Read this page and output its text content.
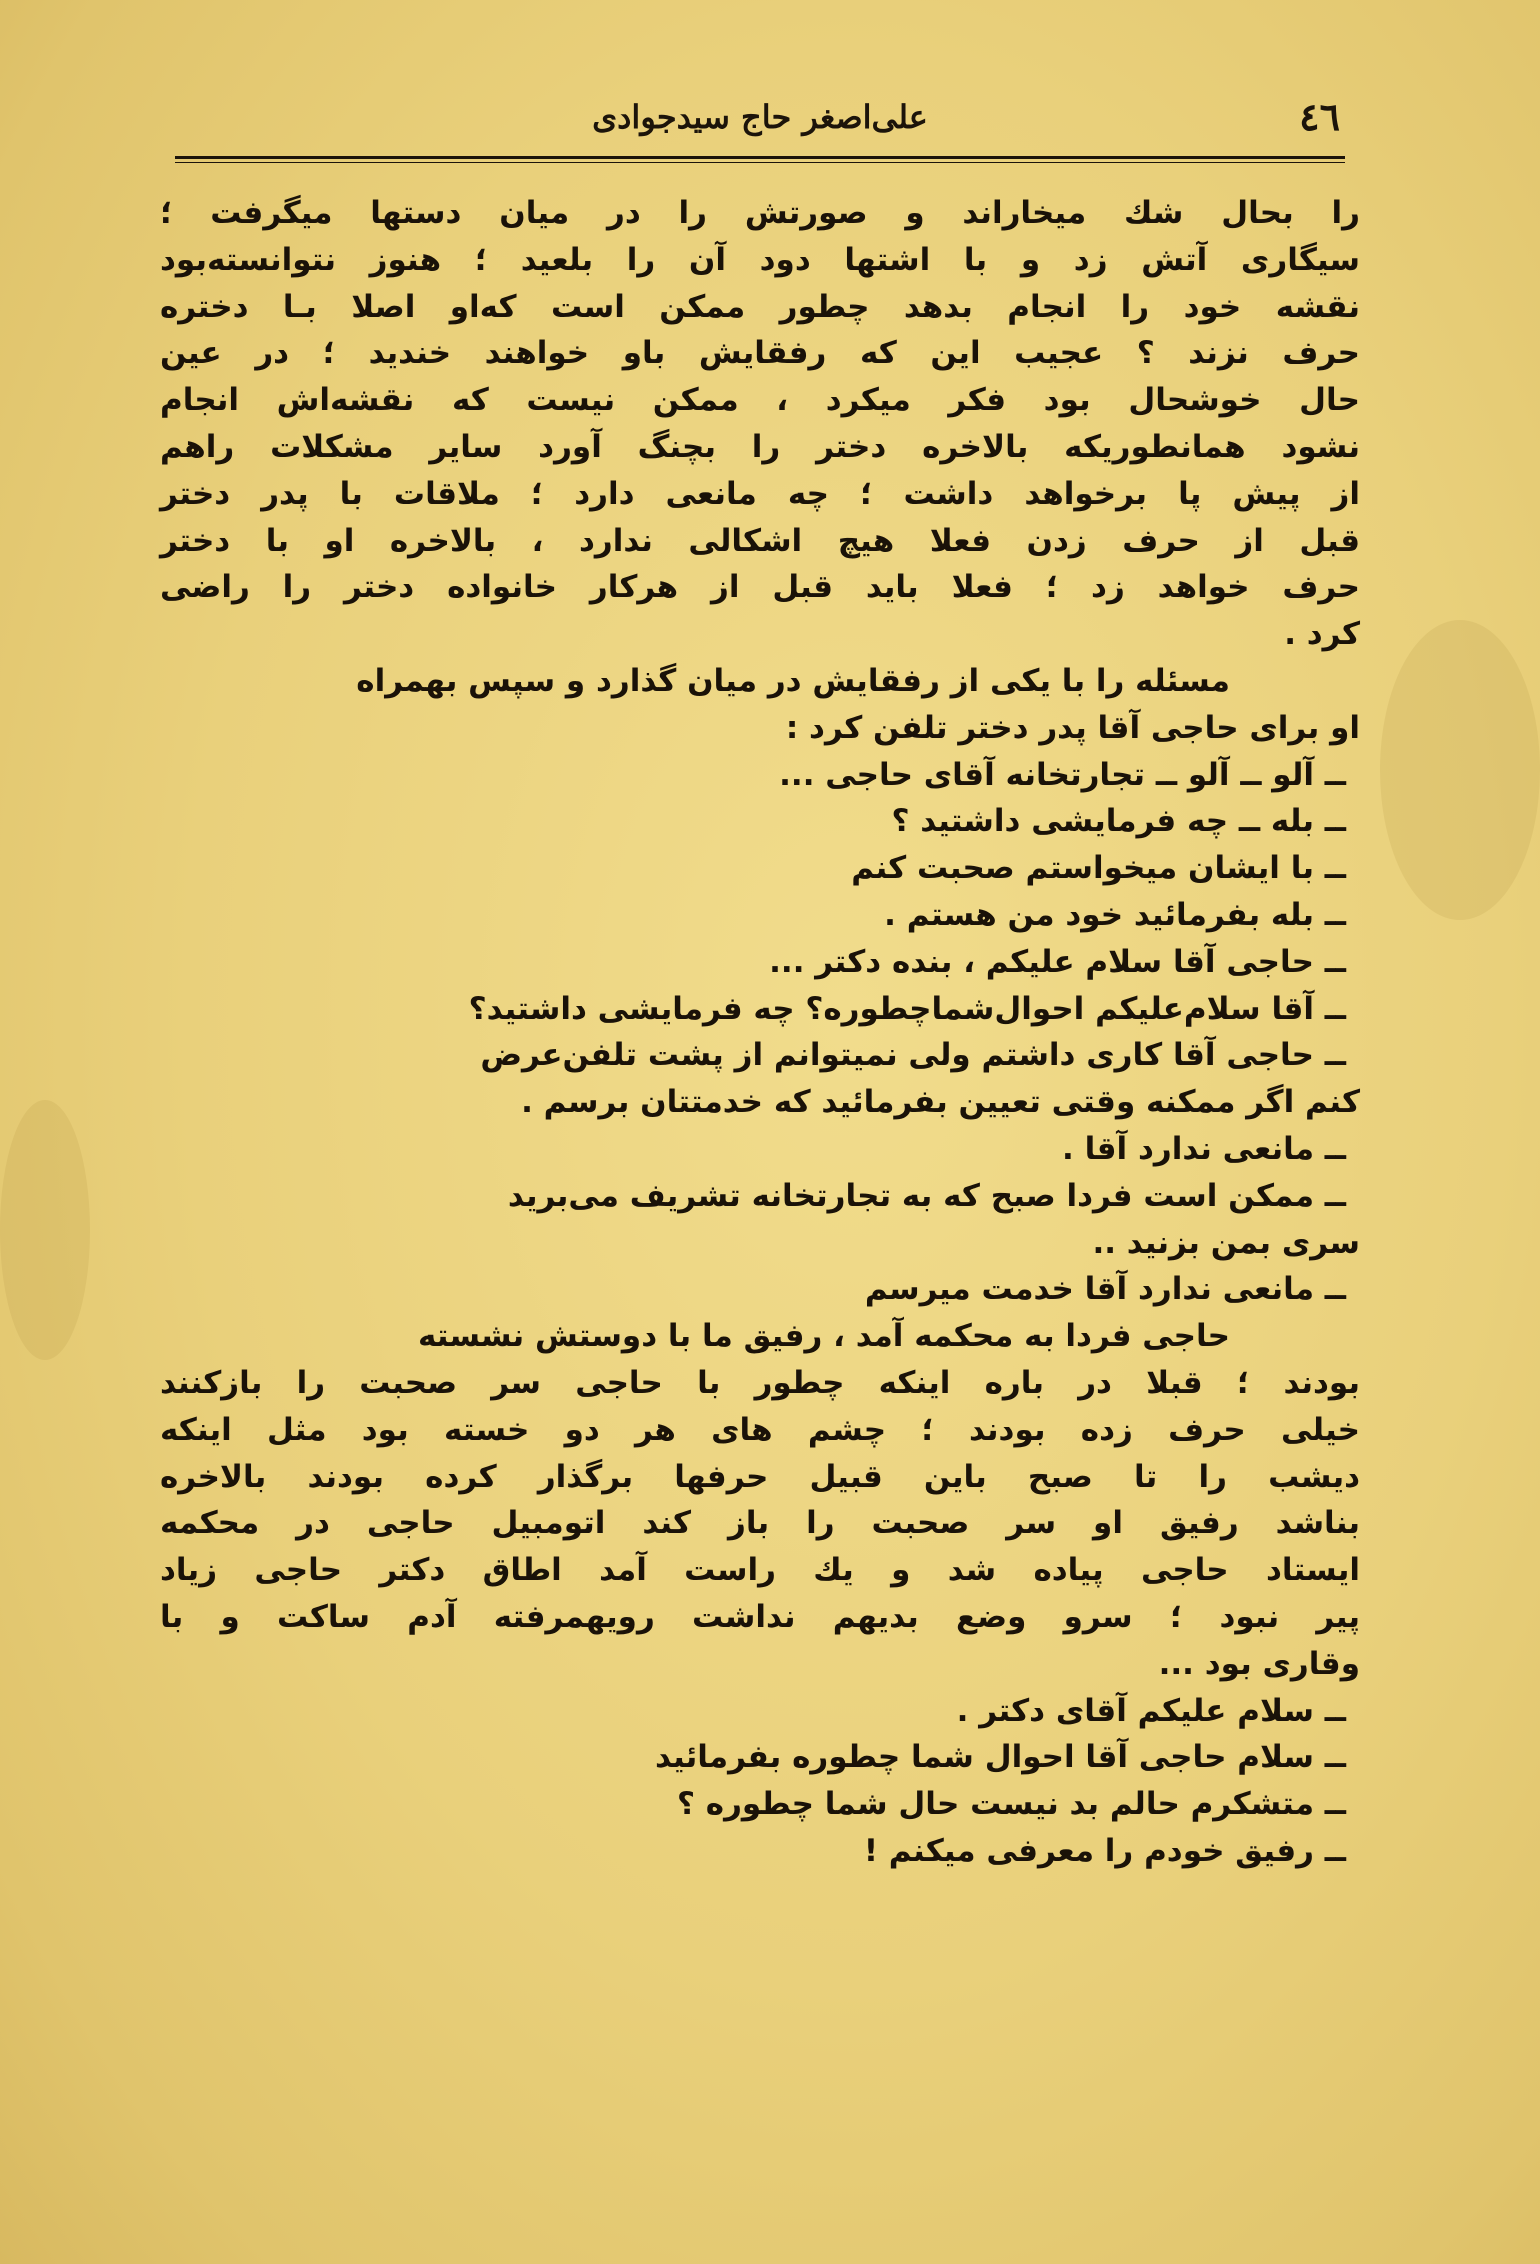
٤٦
علی‌اصغر حاج سیدجوادی
را بحال شك میخاراند و صورتش را در میان دستها میگرفت ؛
سیگاری آتش زد و با اشتها دود آن را بلعید ؛ هنوز نتوانسته‌بود
نقشه خود را انجام بدهد چطور ممکن است که‌او اصلا بـا دختره
حرف نزند ؟ عجیب این که رفقایش باو خواهند خندید ؛ در عین
حال خوشحال بود فکر میکرد ، ممکن نیست که نقشه‌اش انجام
نشود همانطوریکه بالاخره دختر را بچنگ آورد سایر مشکلات راهم
از پیش پا برخواهد داشت ؛ چه مانعی دارد ؛ ملاقات با پدر دختر
قبل از حرف زدن فعلا هیچ اشکالی ندارد ، بالاخره او با دختر
حرف خواهد زد ؛ فعلا باید قبل از هرکار خانواده دختر را راضی
کرد .
مسئله را با یکی از رفقایش در میان گذارد و سپس بهمراه
او برای حاجی آقا پدر دختر تلفن کرد :
ــ آلو ــ آلو ــ تجارتخانه آقای حاجی ...
ــ بله ــ چه فرمایشی داشتید ؟
ــ با ایشان میخواستم صحبت کنم
ــ بله بفرمائید خود من هستم .
ــ حاجی آقا سلام علیکم ، بنده دکتر ...
ــ آقا سلام‌علیکم احوال‌شماچطوره؟ چه فرمایشی داشتید؟
ــ حاجی آقا کاری داشتم ولی نمیتوانم از پشت تلفن‌عرض
کنم اگر ممکنه وقتی تعیین بفرمائید که خدمتتان برسم .
ــ مانعی ندارد آقا .
ــ ممکن است فردا صبح که به تجارتخانه تشریف می‌برید
سری بمن بزنید ..
ــ مانعی ندارد آقا خدمت میرسم
حاجی فردا به محکمه آمد ، رفیق ما با دوستش نشسته
بودند ؛ قبلا در باره اینکه چطور با حاجی سر صحبت را بازکنند
خیلی حرف زده بودند ؛ چشم های هر دو خسته بود مثل اینکه
دیشب را تا صبح باین قبیل حرفها برگذار کرده بودند بالاخره
بناشد رفیق او سر صحبت را باز کند اتومبیل حاجی در محکمه
ایستاد حاجی پیاده شد و یك راست آمد اطاق دکتر حاجی زیاد
پیر نبود ؛ سرو وضع بدیهم نداشت رویهمرفته آدم ساکت و با
وقاری بود ...
ــ سلام علیکم آقای دکتر .
ــ سلام حاجی آقا احوال شما چطوره بفرمائید
ــ متشکرم حالم بد نیست حال شما چطوره ؟
ــ رفیق خودم را معرفی میکنم !
